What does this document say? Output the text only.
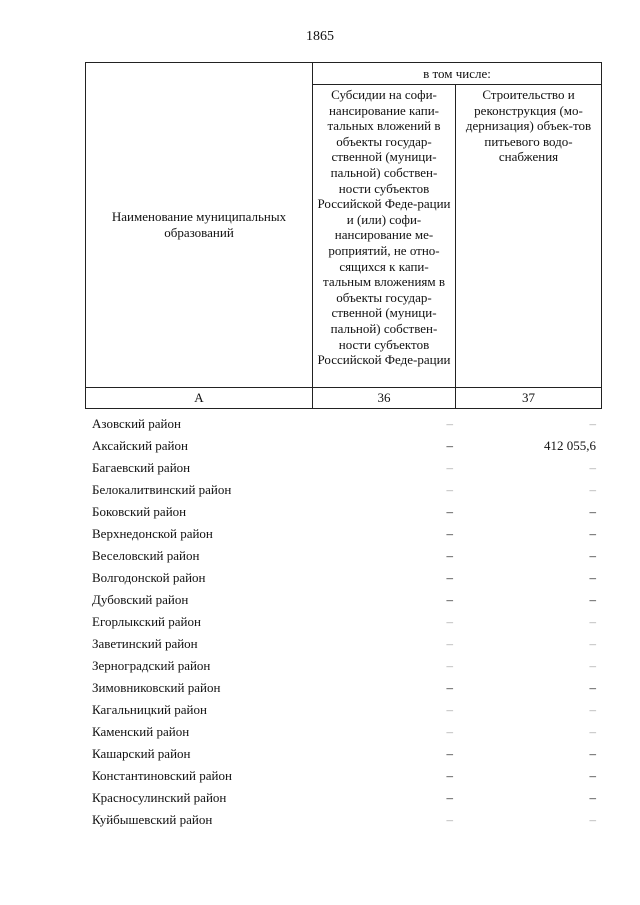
1865
Наименование муниципальных образований	в том числе:	
	Субсидии на софи-нансирование капи-тальных вложений в объекты государ-ственной (муници-пальной) собствен-ности субъектов Российской Феде-рации и (или) софи-нансирование ме-роприятий, не отно-сящихся к капи-тальным вложениям в объекты государ-ственной (муници-пальной) собствен-ности субъектов Российской Феде-рации	Строительство и реконструкция (мо-дернизация) объек-тов питьевого водо-снабжения
А	36	37
Азовский район	–	–
Аксайский район	–	412 055,6
Багаевский район	–	–
Белокалитвинский район	–	–
Боковский район	–	–
Верхнедонской район	–	–
Веселовский район	–	–
Волгодонской район	–	–
Дубовский район	–	–
Егорлыкский район	–	–
Заветинский район	–	–
Зерноградский район	–	–
Зимовниковский район	–	–
Кагальницкий район	–	–
Каменский район	–	–
Кашарский район	–	–
Константиновский район	–	–
Красносулинский район	–	–
Куйбышевский район	–	–
